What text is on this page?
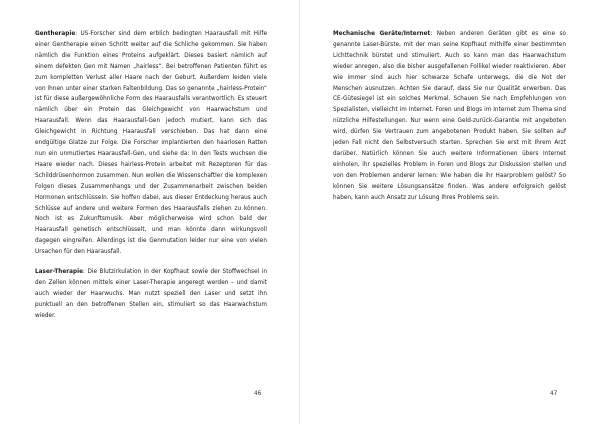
Gentherapie: US-Forscher sind dem erblich bedingten Haarausfall mit Hilfe einer Gentherapie einen Schritt weiter auf die Schliche gekommen. Sie haben nämlich die Funktion eines Proteins aufgeklärt. Dieses basiert nämlich auf einem defekten Gen mit Namen „hairless“. Bei betroffenen Patienten führt es zum kompletten Verlust aller Haare nach der Geburt. Außerdem leiden viele von ihnen unter einer starken Faltenbildung. Das so genannte „hairless-Protein“ ist für diese außergewöhnliche Form des Haarausfalls verantwortlich. Es steuert nämlich über ein Protein das Gleichgewicht von Haarwachstum und Haarausfall. Wenn das Haarausfall-Gen jedoch mutiert, kann sich das Gleichgewicht in Richtung Haarausfall verschieben. Das hat dann eine endgültige Glatze zur Folge. Die Forscher implantierten den haarlosen Ratten nun ein unmutiertes Haarausfall-Gen, und siehe da: In den Tests wuchsen die Haare wieder nach. Dieses hairless-Protein arbeitet mit Rezeptoren für das Schilddrüsenhormon zusammen. Nun wollen die Wissenschaftler die komplexen Folgen dieses Zusammenhangs und der Zusammenarbeit zwischen beiden Hormonen entschlüsseln. Sie hoffen dabei, aus dieser Entdeckung heraus auch Schlüsse auf andere und weitere Formen des Haarausfalls ziehen zu können. Noch ist es Zukunftsmusik. Aber möglicherweise wird schon bald der Haarausfall genetisch entschlüsselt, und man könnte dann wirkungsvoll dagegen eingreifen. Allerdings ist die Genmutation leider nur eine von vielen Ursachen für den Haarausfall.

Laser-Therapie: Die Blutzirkulation in der Kopfhaut sowie der Stoffwechsel in den Zellen können mittels einer Laser-Therapie angeregt werden – und damit auch wieder der Haarwuchs. Man nutzt speziell den Laser und setzt ihn punktuell an den betroffenen Stellen ein, stimuliert so das Haarwachstum wieder.

46

Mechanische Geräte/Internet: Neben anderen Geräten gibt es eine so genannte Laser-Bürste, mit der man seine Kopfhaut mithilfe einer bestimmten Lichttechnik bürstet und stimuliert. Auch so kann man das Haarwachstum wieder anregen, also die bisher ausgefallenen Follikel wieder reaktivieren. Aber wie immer sind auch hier schwarze Schafe unterwegs, die die Not der Menschen ausnutzen. Achten Sie darauf, dass Sie nur Qualität erwerben. Das CE-Gütesiegel ist ein solches Merkmal. Schauen Sie nach Empfehlungen von Spezialisten, vielleicht im Internet. Foren und Blogs im Internet zum Thema sind nützliche Hilfestellungen. Nur wenn eine Geld-zurück-Garantie mit angeboten wird, dürfen Sie Vertrauen zum angebotenen Produkt haben. Sie sollten auf jeden Fall nicht den Selbstversuch starten. Sprechen Sie erst mit Ihrem Arzt darüber. Natürlich können Sie auch weitere Informationen übers Internet einholen, ihr spezielles Problem in Foren und Blogs zur Diskussion stellen und von den Problemen anderer lernen: Wie haben die ihr Haarproblem gelöst? So können Sie weitere Lösungsansätze finden. Was andere erfolgreich gelöst haben, kann auch Ansatz zur Lösung Ihres Problems sein.

47
